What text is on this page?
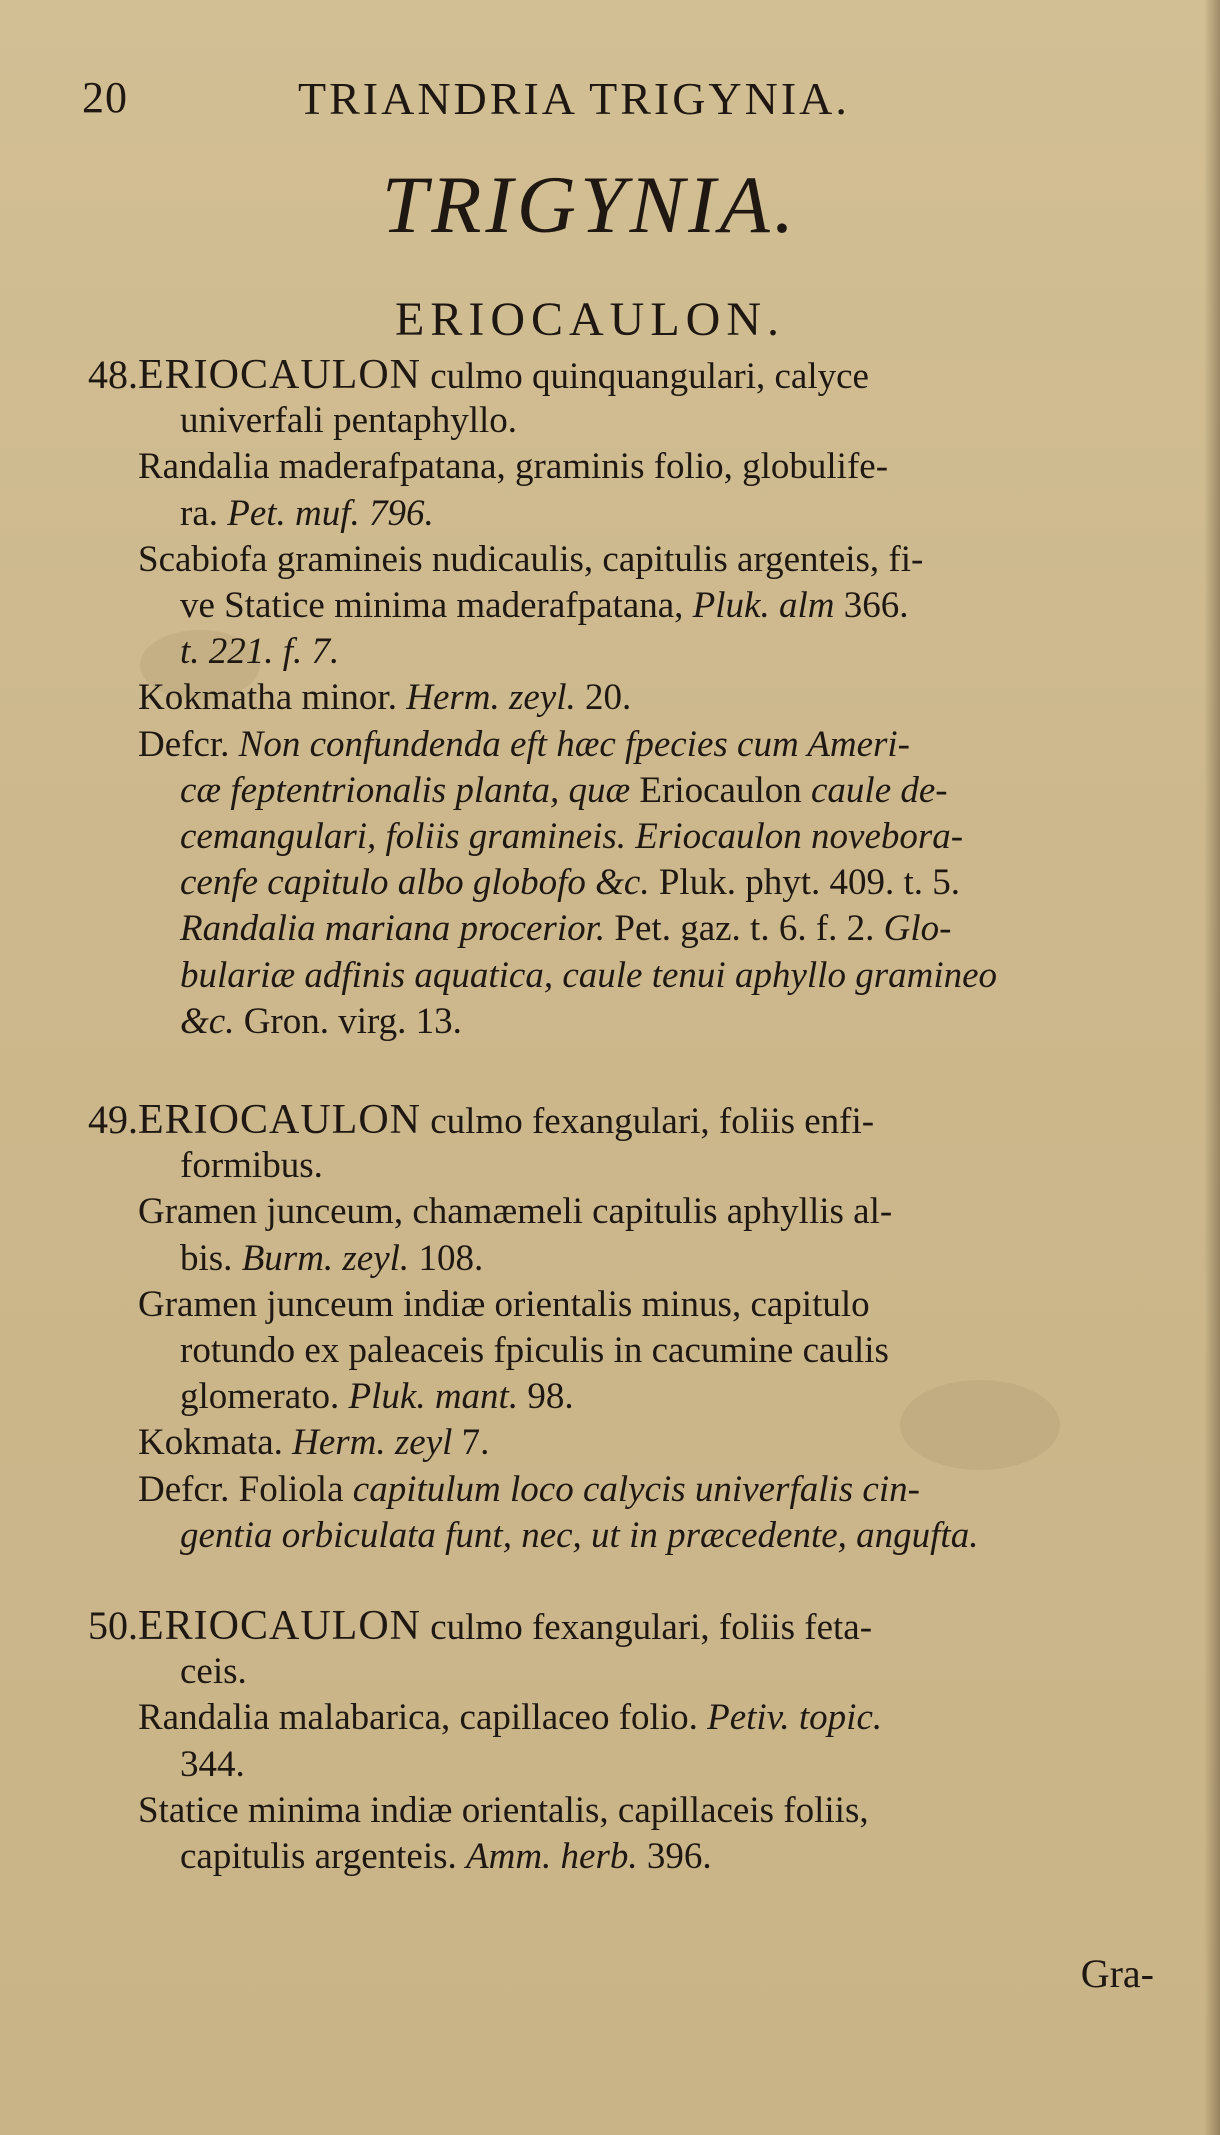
20	TRIANDRIA TRIGYNIA.
TRIGYNIA.
ERIOCAULON.
48. ERIOCAULON culmo quinquangulari, calyce
univerfali pentaphyllo.
Randalia maderafpatana, graminis folio, globulife-
ra. Pet. muf. 796.
Scabiofa gramineis nudicaulis, capitulis argenteis, fi-
ve Statice minima maderafpatana, Pluk. alm 366.
t. 221. f. 7.
Kokmatha minor. Herm. zeyl. 20.
Defcr. Non confundenda eft hæc fpecies cum Ameri-
cæ feptentrionalis planta, quæ Eriocaulon caule de-
cemangulari, foliis gramineis. Eriocaulon novebora-
cenfe capitulo albo globofo &c. Pluk. phyt. 409. t. 5.
Randalia mariana procerior. Pet. gaz. t. 6. f. 2. Glo-
bulariæ adfinis aquatica, caule tenui aphyllo gramineo
&c. Gron. virg. 13.
49. ERIOCAULON culmo fexangulari, foliis enfi-
formibus.
Gramen junceum, chamæmeli capitulis aphyllis al-
bis. Burm. zeyl. 108.
Gramen junceum indiæ orientalis minus, capitulo
rotundo ex paleaceis fpiculis in cacumine caulis
glomerato. Pluk. mant. 98.
Kokmata. Herm. zeyl 7.
Defcr. Foliola capitulum loco calycis univerfalis cin-
gentia orbiculata funt, nec, ut in præcedente, angufta.
50. ERIOCAULON culmo fexangulari, foliis feta-
ceis.
Randalia malabarica, capillaceo folio. Petiv. topic.
344.
Statice minima indiæ orientalis, capillaceis foliis,
capitulis argenteis. Amm. herb. 396.
Gra-
